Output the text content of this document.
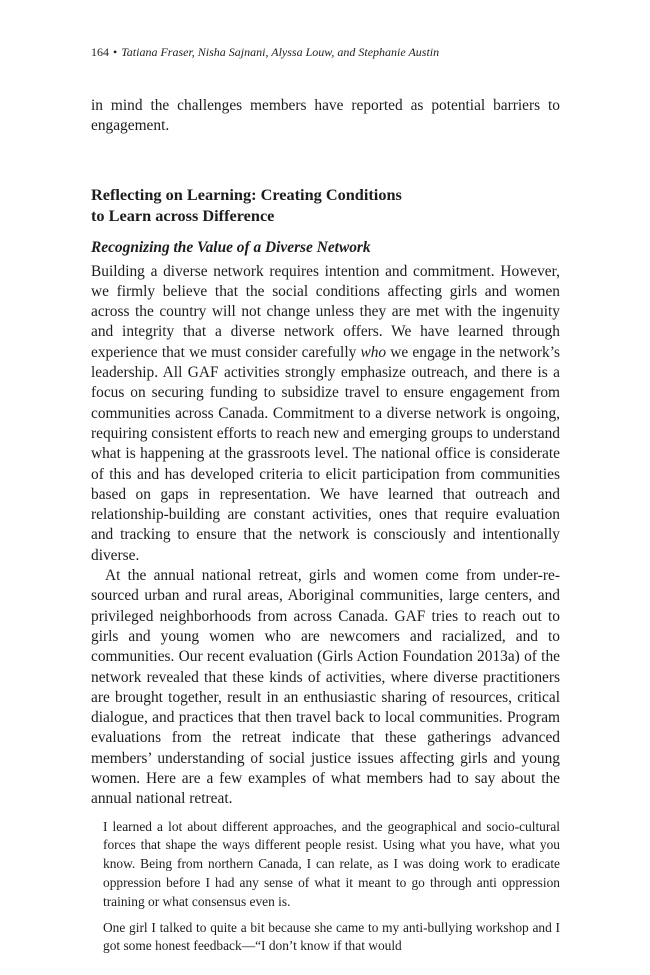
164 • Tatiana Fraser, Nisha Sajnani, Alyssa Louw, and Stephanie Austin

in mind the challenges members have reported as potential barriers to engagement.

Reflecting on Learning: Creating Conditions
to Learn across Difference
Recognizing the Value of a Diverse Network

Building a diverse network requires intention and commitment. However, we firmly believe that the social conditions affecting girls and women across the country will not change unless they are met with the ingenuity and integrity that a diverse network offers. We have learned through experience that we must consider carefully who we engage in the network’s leadership. All GAF activities strongly emphasize outreach, and there is a focus on securing funding to subsidize travel to ensure engagement from communities across Canada. Commitment to a diverse network is ongoing, requiring consistent efforts to reach new and emerging groups to understand what is happening at the grassroots level. The national office is considerate of this and has developed criteria to elicit participation from communities based on gaps in representation. We have learned that outreach and relationship-building are constant activities, ones that require evaluation and tracking to ensure that the network is consciously and intentionally diverse.

At the annual national retreat, girls and women come from under-resourced urban and rural areas, Aboriginal communities, large centers, and privileged neighborhoods from across Canada. GAF tries to reach out to girls and young women who are newcomers and racialized, and to communities. Our recent evaluation (Girls Action Foundation 2013a) of the network revealed that these kinds of activities, where diverse practitioners are brought together, result in an enthusiastic sharing of resources, critical dialogue, and practices that then travel back to local communities. Program evaluations from the retreat indicate that these gatherings advanced members’ understanding of social justice issues affecting girls and young women. Here are a few examples of what members had to say about the annual national retreat.

I learned a lot about different approaches, and the geographical and socio-cultural forces that shape the ways different people resist. Using what you have, what you know. Being from northern Canada, I can relate, as I was doing work to eradicate oppression before I had any sense of what it meant to go through anti oppression training or what consensus even is.

One girl I talked to quite a bit because she came to my anti-bullying workshop and I got some honest feedback—“I don’t know if that would
